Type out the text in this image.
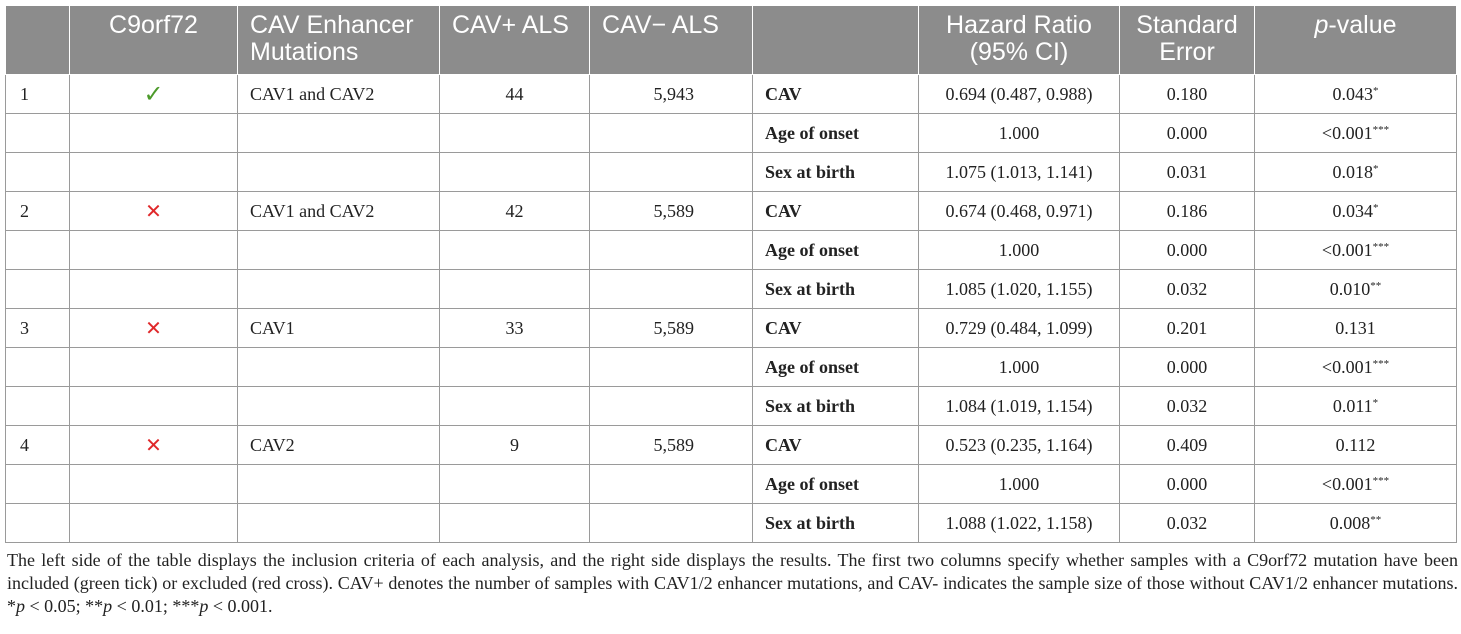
	C9orf72	CAV Enhancer Mutations	CAV+ ALS	CAV− ALS		Hazard Ratio (95% CI)	Standard Error	p-value
1	✓	CAV1 and CAV2	44	5,943	CAV	0.694 (0.487, 0.988)	0.180	0.043*
					Age of onset	1.000	0.000	<0.001***
					Sex at birth	1.075 (1.013, 1.141)	0.031	0.018*
2	✕	CAV1 and CAV2	42	5,589	CAV	0.674 (0.468, 0.971)	0.186	0.034*
					Age of onset	1.000	0.000	<0.001***
					Sex at birth	1.085 (1.020, 1.155)	0.032	0.010**
3	✕	CAV1	33	5,589	CAV	0.729 (0.484, 1.099)	0.201	0.131
					Age of onset	1.000	0.000	<0.001***
					Sex at birth	1.084 (1.019, 1.154)	0.032	0.011*
4	✕	CAV2	9	5,589	CAV	0.523 (0.235, 1.164)	0.409	0.112
					Age of onset	1.000	0.000	<0.001***
					Sex at birth	1.088 (1.022, 1.158)	0.032	0.008**
The left side of the table displays the inclusion criteria of each analysis, and the right side displays the results. The first two columns specify whether samples with a C9orf72 mutation have been included (green tick) or excluded (red cross). CAV+ denotes the number of samples with CAV1/2 enhancer mutations, and CAV- indicates the sample size of those without CAV1/2 enhancer mutations. *p < 0.05; **p < 0.01; ***p < 0.001.
